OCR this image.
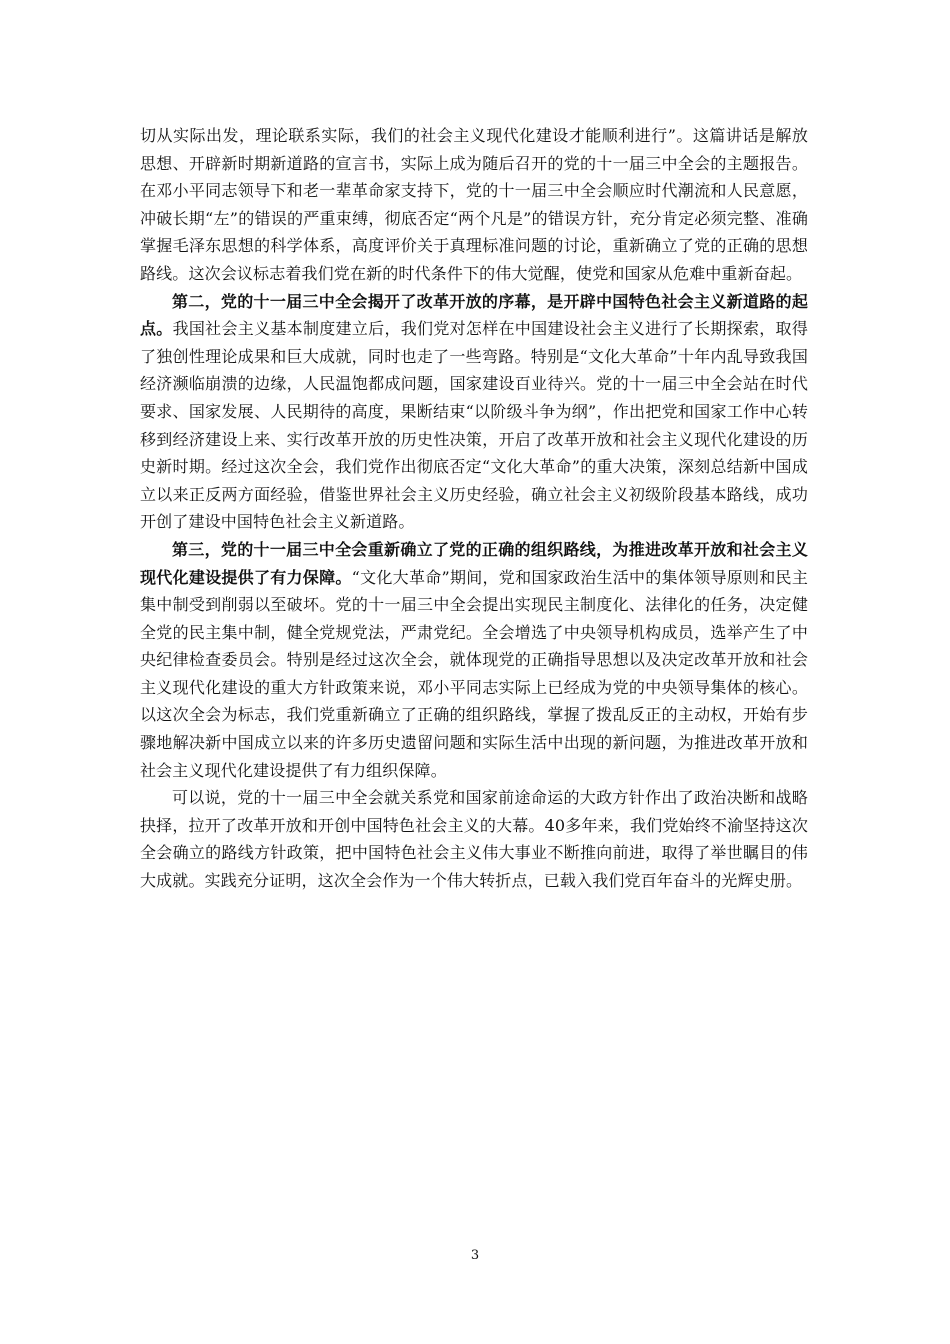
切从实际出发，理论联系实际，我们的社会主义现代化建设才能顺利进行”。这篇讲话是解放思想、开辟新时期新道路的宣言书，实际上成为随后召开的党的十一届三中全会的主题报告。在邓小平同志领导下和老一辈革命家支持下，党的十一届三中全会顺应时代潮流和人民意愿，冲破长期“左”的错误的严重束缚，彻底否定“两个凡是”的错误方针，充分肯定必须完整、准确掌握毛泽东思想的科学体系，高度评价关于真理标准问题的讨论，重新确立了党的正确的思想路线。这次会议标志着我们党在新的时代条件下的伟大觉醒，使党和国家从危难中重新奋起。

第二，党的十一届三中全会揭开了改革开放的序幕，是开辟中国特色社会主义新道路的起点。我国社会主义基本制度建立后，我们党对怎样在中国建设社会主义进行了长期探索，取得了独创性理论成果和巨大成就，同时也走了一些弯路。特别是“文化大革命”十年内乱导致我国经济濒临崩溃的边缘，人民温饱都成问题，国家建设百业待兴。党的十一届三中全会站在时代要求、国家发展、人民期待的高度，果断结束“以阶级斗争为纲”，作出把党和国家工作中心转移到经济建设上来、实行改革开放的历史性决策，开启了改革开放和社会主义现代化建设的历史新时期。经过这次全会，我们党作出彻底否定“文化大革命”的重大决策，深刻总结新中国成立以来正反两方面经验，借鉴世界社会主义历史经验，确立社会主义初级阶段基本路线，成功开创了建设中国特色社会主义新道路。

第三，党的十一届三中全会重新确立了党的正确的组织路线，为推进改革开放和社会主义现代化建设提供了有力保障。“文化大革命”期间，党和国家政治生活中的集体领导原则和民主集中制受到削弱以至破坏。党的十一届三中全会提出实现民主制度化、法律化的任务，决定健全党的民主集中制，健全党规党法，严肃党纪。全会增选了中央领导机构成员，选举产生了中央纪律检查委员会。特别是经过这次全会，就体现党的正确指导思想以及决定改革开放和社会主义现代化建设的重大方针政策来说，邓小平同志实际上已经成为党的中央领导集体的核心。以这次全会为标志，我们党重新确立了正确的组织路线，掌握了拨乱反正的主动权，开始有步骤地解决新中国成立以来的许多历史遗留问题和实际生活中出现的新问题，为推进改革开放和社会主义现代化建设提供了有力组织保障。

可以说，党的十一届三中全会就关系党和国家前途命运的大政方针作出了政治决断和战略抉择，拉开了改革开放和开创中国特色社会主义的大幕。40多年来，我们党始终不渝坚持这次全会确立的路线方针政策，把中国特色社会主义伟大事业不断推向前进，取得了举世瞩目的伟大成就。实践充分证明，这次全会作为一个伟大转折点，已载入我们党百年奋斗的光辉史册。

3
